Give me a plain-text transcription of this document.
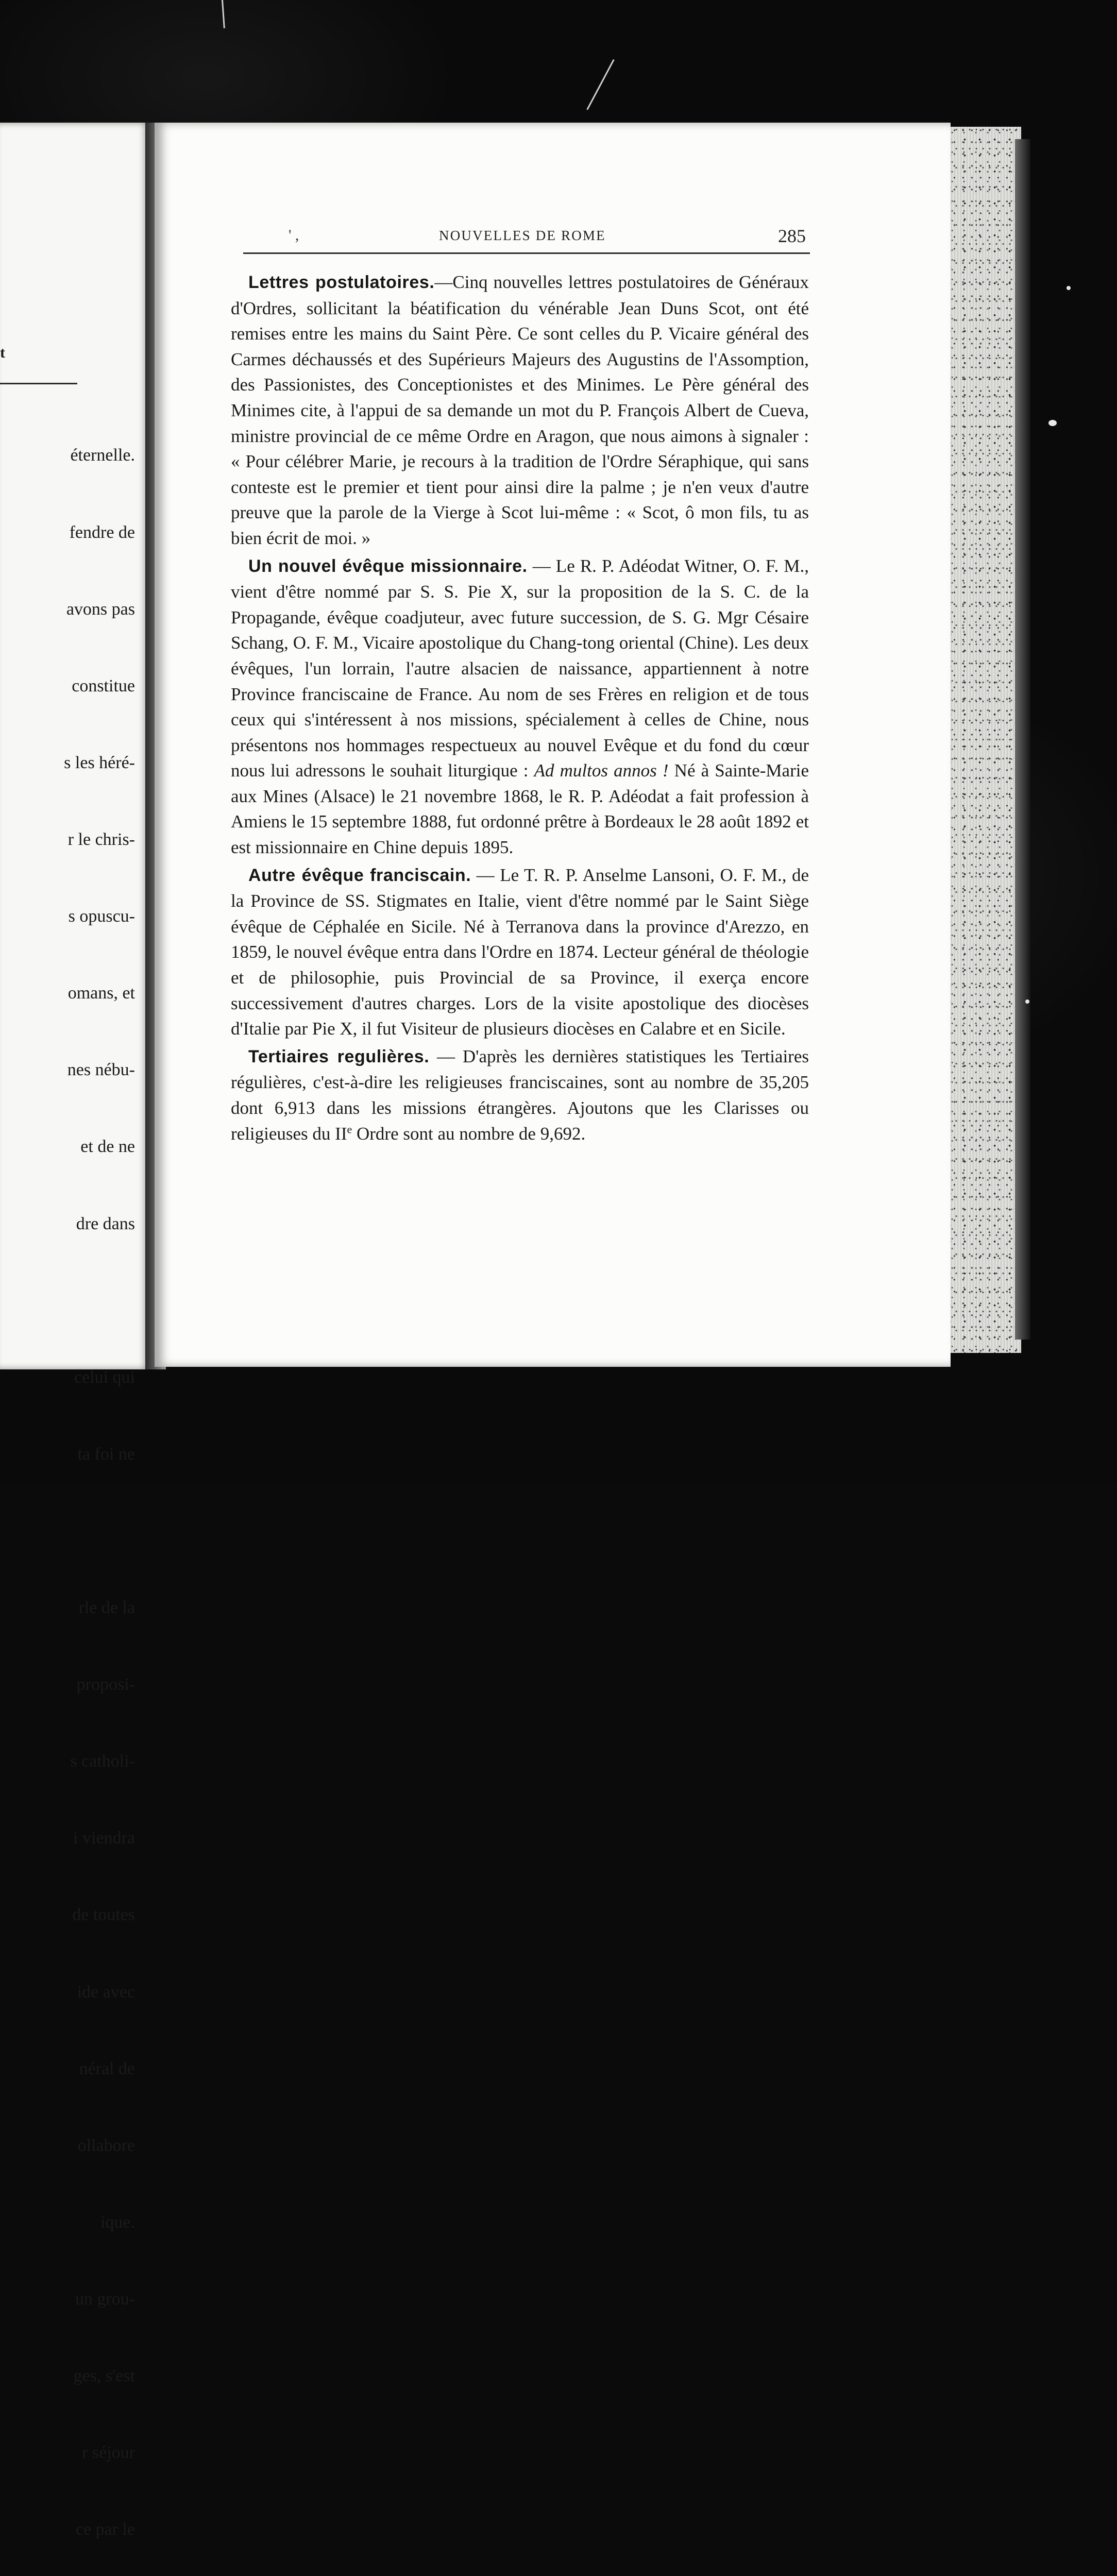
t

éternelle.

fendre de

avons pas

constitue

s les héré-

r le chris-

s opuscu-

omans, et

nes nébu-

et de ne

dre dans

celui qui

ta foi ne

rle de la

proposi-

s catholi-

i viendra

de toutes

ide avec

néral de

ollabore

ique.

un grou-

ges, s'est

r séjour

ce par le

' ,	NOUVELLES DE ROME	285

Lettres postulatoires.—Cinq nouvelles lettres postulatoires de Généraux d'Ordres, sollicitant la béatification du vénérable Jean Duns Scot, ont été remises entre les mains du Saint Père. Ce sont celles du P. Vicaire général des Carmes déchaussés et des Supérieurs Majeurs des Augustins de l'Assomption, des Passionistes, des Conceptionistes et des Minimes. Le Père général des Minimes cite, à l'appui de sa demande un mot du P. François Albert de Cueva, ministre provincial de ce même Ordre en Aragon, que nous aimons à signaler : « Pour célébrer Marie, je recours à la tradition de l'Ordre Séraphique, qui sans conteste est le premier et tient pour ainsi dire la palme ; je n'en veux d'autre preuve que la parole de la Vierge à Scot lui-même : « Scot, ô mon fils, tu as bien écrit de moi. »

Un nouvel évêque missionnaire. — Le R. P. Adéodat Witner, O. F. M., vient d'être nommé par S. S. Pie X, sur la proposition de la S. C. de la Propagande, évêque coadjuteur, avec future succession, de S. G. Mgr Césaire Schang, O. F. M., Vicaire apostolique du Chang-tong oriental (Chine). Les deux évêques, l'un lorrain, l'autre alsacien de naissance, appartiennent à notre Province franciscaine de France. Au nom de ses Frères en religion et de tous ceux qui s'intéressent à nos missions, spécialement à celles de Chine, nous présentons nos hommages respectueux au nouvel Evêque et du fond du cœur nous lui adressons le souhait liturgique : Ad multos annos ! Né à Sainte-Marie aux Mines (Alsace) le 21 novembre 1868, le R. P. Adéodat a fait profession à Amiens le 15 septembre 1888, fut ordonné prêtre à Bordeaux le 28 août 1892 et est missionnaire en Chine depuis 1895.

Autre évêque franciscain. — Le T. R. P. Anselme Lansoni, O. F. M., de la Province de SS. Stigmates en Italie, vient d'être nommé par le Saint Siège évêque de Céphalée en Sicile. Né à Terranova dans la province d'Arezzo, en 1859, le nouvel évêque entra dans l'Ordre en 1874. Lecteur général de théologie et de philosophie, puis Provincial de sa Province, il exerça encore successivement d'autres charges. Lors de la visite apostolique des diocèses d'Italie par Pie X, il fut Visiteur de plusieurs diocèses en Calabre et en Sicile.

Tertiaires regulières. — D'après les dernières statistiques les Tertiaires régulières, c'est-à-dire les religieuses franciscaines, sont au nombre de 35,205 dont 6,913 dans les missions étrangères. Ajoutons que les Clarisses ou religieuses du IIe Ordre sont au nombre de 9,692.
